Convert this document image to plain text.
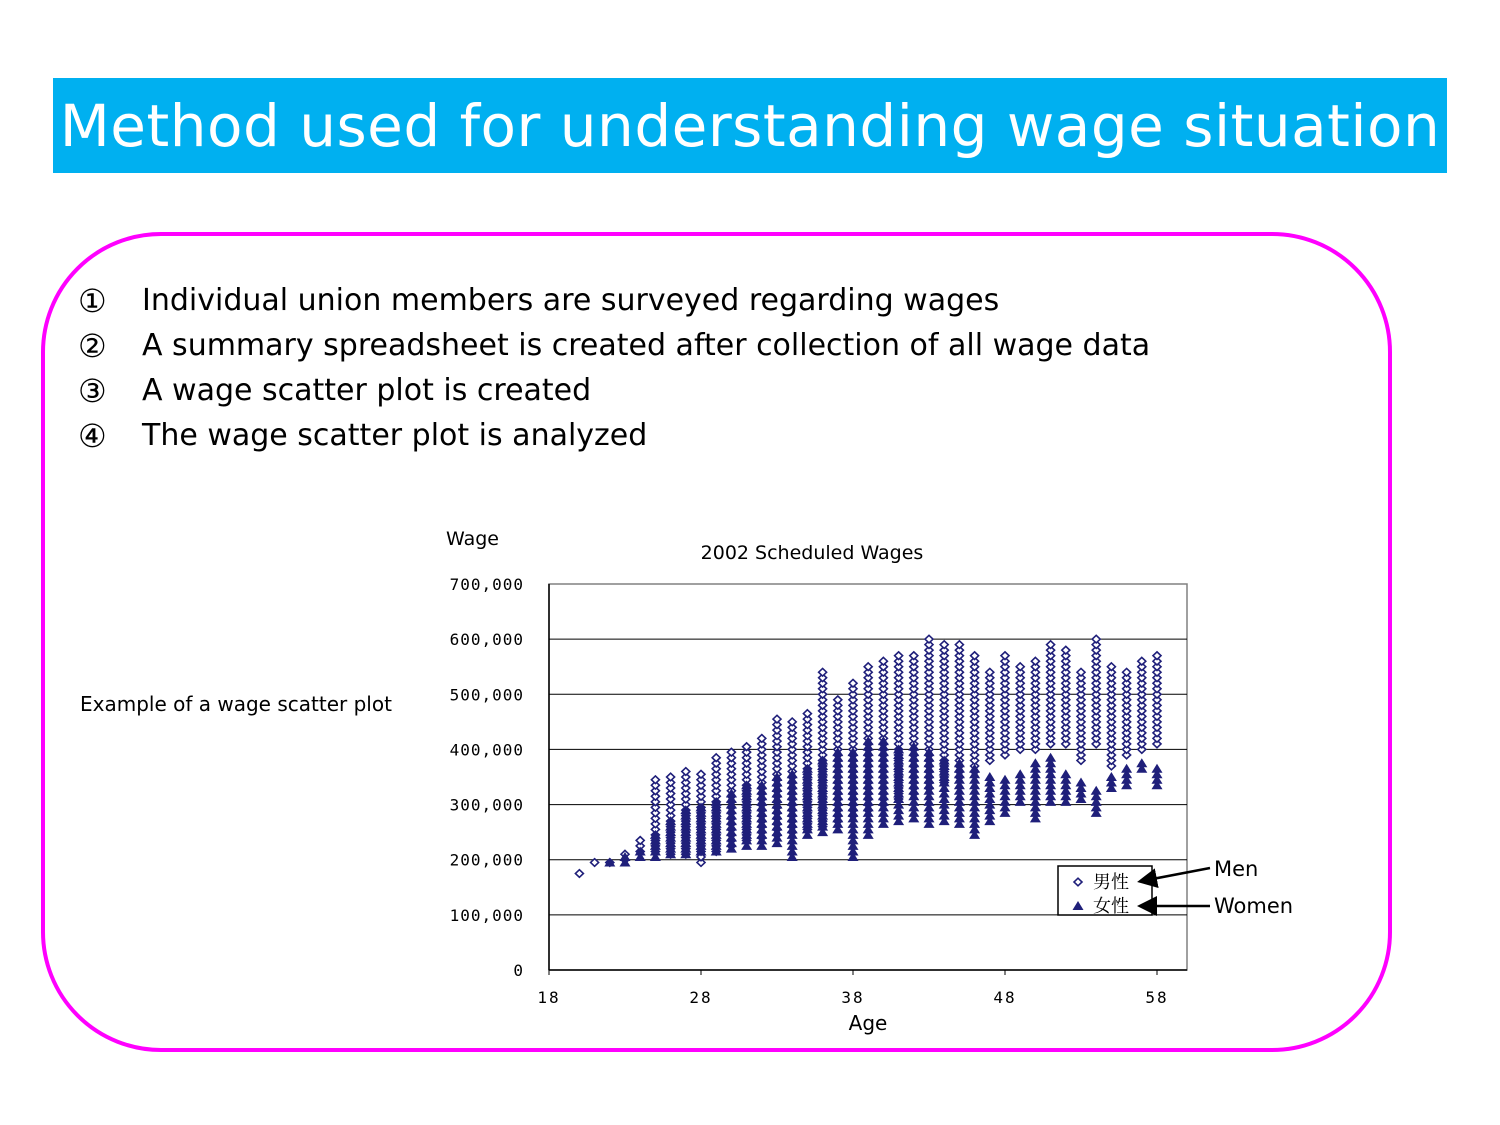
Method used for understanding wage situation
①	Individual union members are surveyed regarding wages
②	A summary spreadsheet is created after collection of all wage data
③	A wage scatter plot is created
④	The wage scatter plot is analyzed
Example of a wage scatter plot
0
100,000
200,000
300,000
400,000
500,000
600,000
700,000
18	28	38	48	58
2002 Scheduled Wages
Wage
Age
男性
女性
Men
Women
